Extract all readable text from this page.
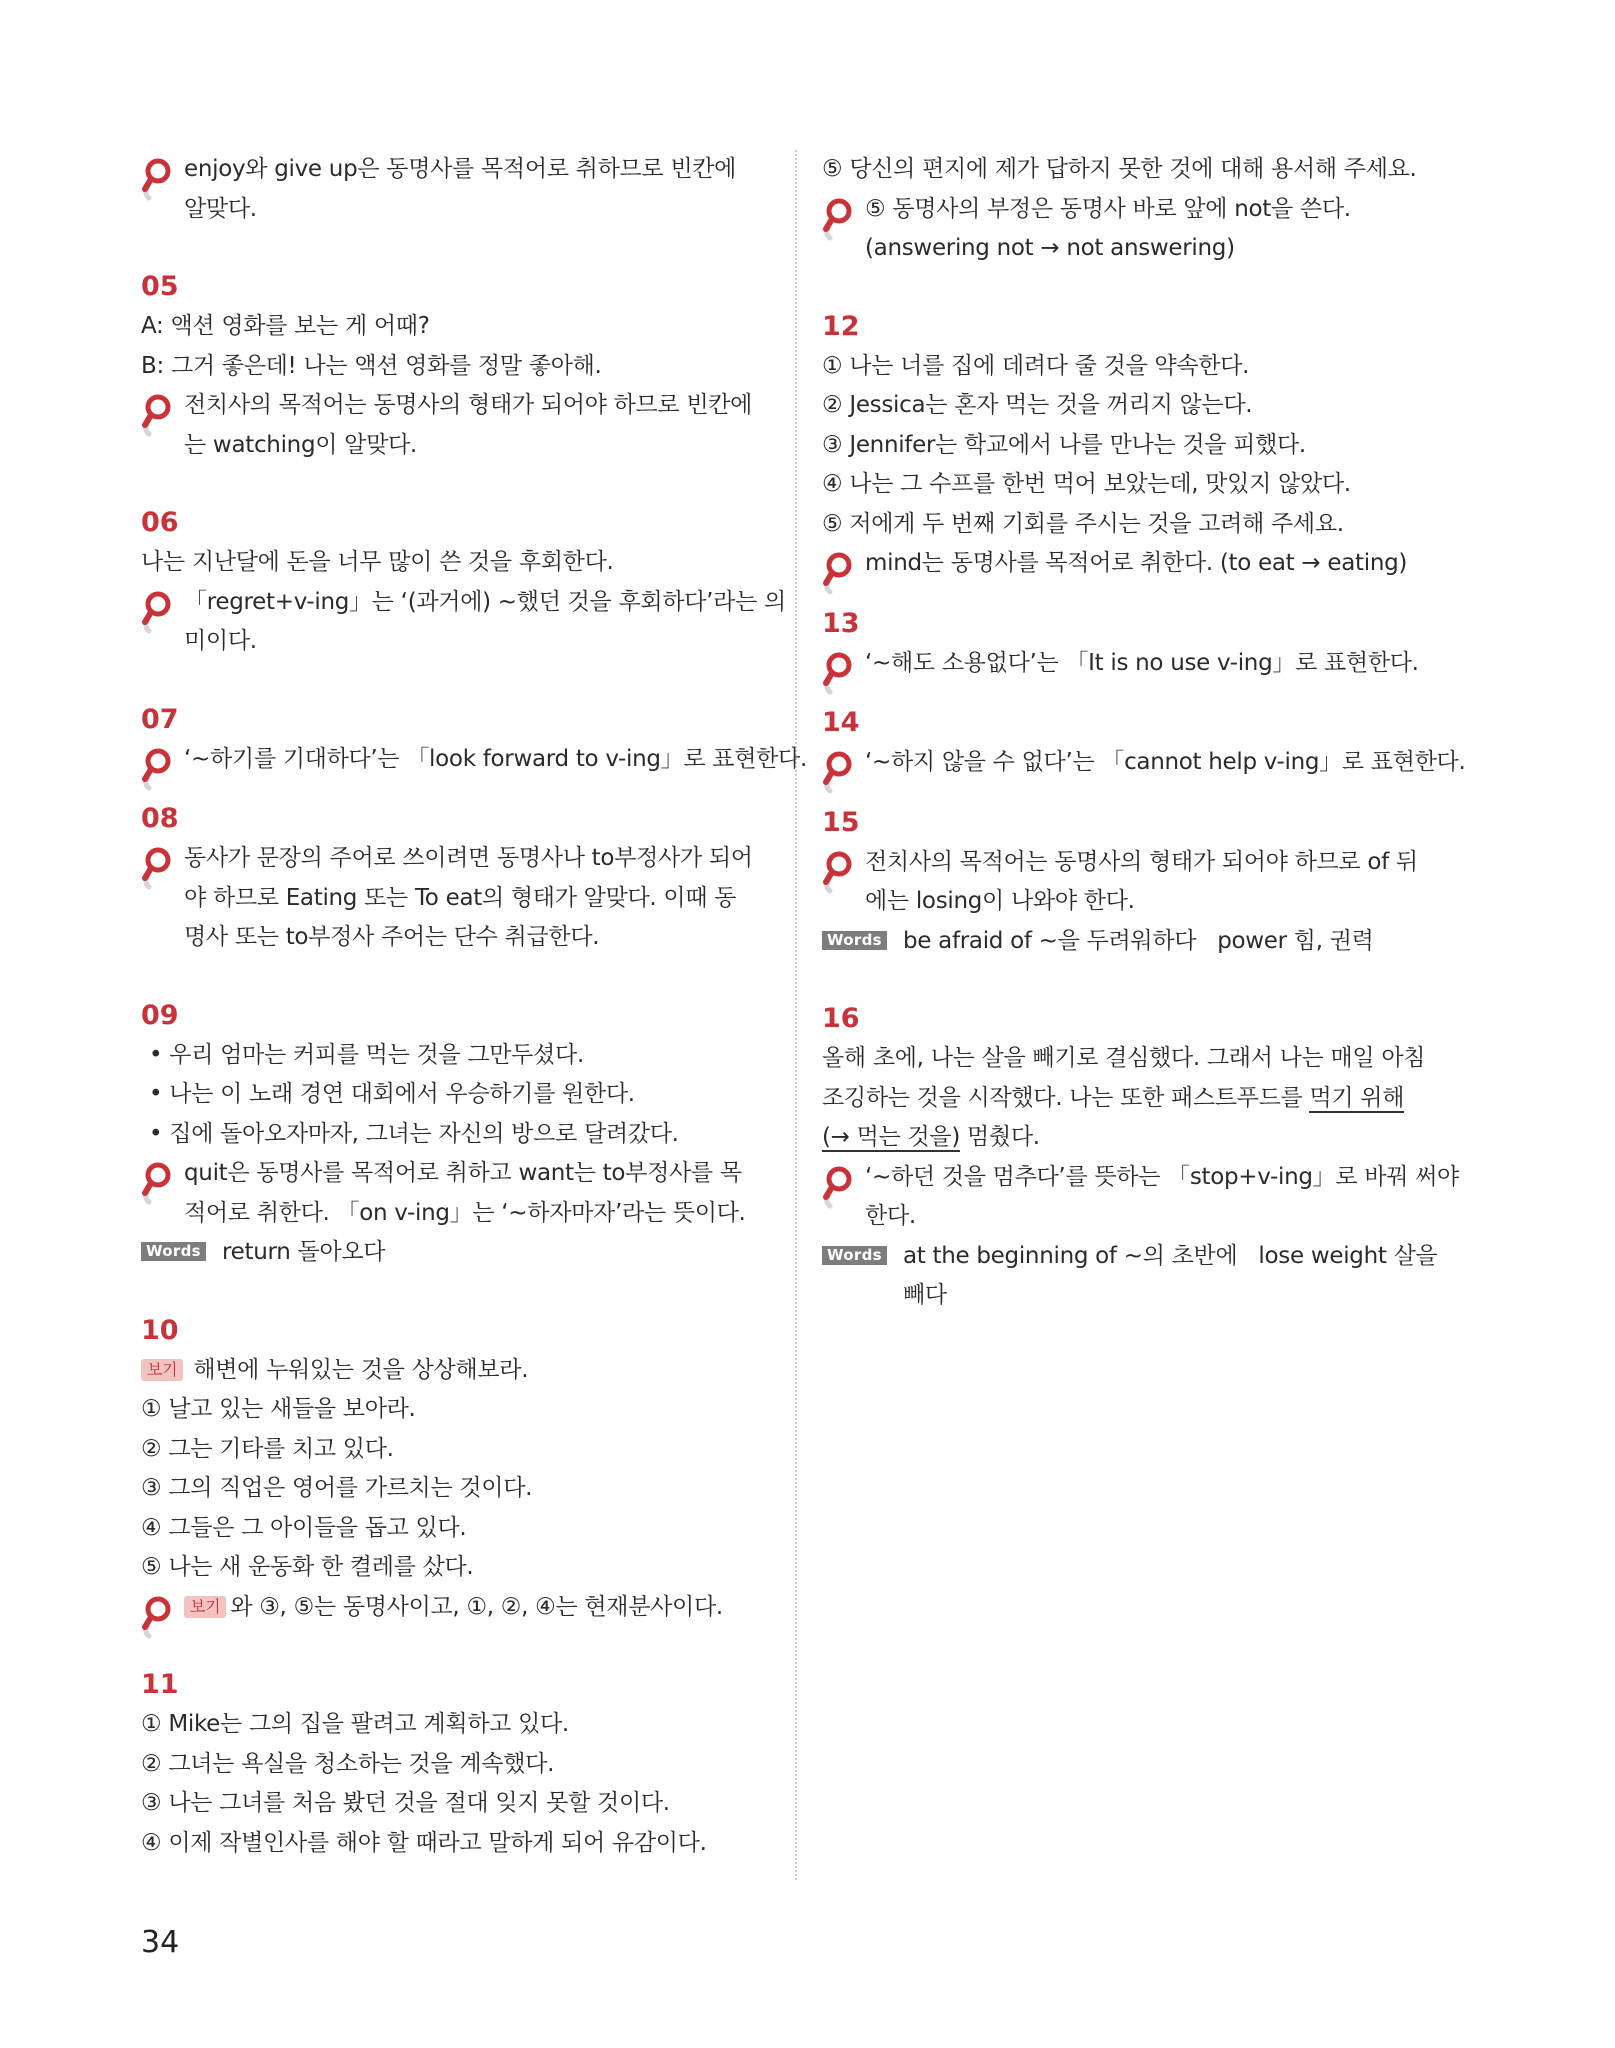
enjoy와 give up은 동명사를 목적어로 취하므로 빈칸에
알맞다.
05
A: 액션 영화를 보는 게 어때?
B: 그거 좋은데! 나는 액션 영화를 정말 좋아해.
전치사의 목적어는 동명사의 형태가 되어야 하므로 빈칸에
는 watching이 알맞다.
06
나는 지난달에 돈을 너무 많이 쓴 것을 후회한다.
「regret+v-ing」는 ‘(과거에) ~했던 것을 후회하다’라는 의
미이다.
07
‘~하기를 기대하다’는 「look forward to v-ing」로 표현한다.
08
동사가 문장의 주어로 쓰이려면 동명사나 to부정사가 되어
야 하므로 Eating 또는 To eat의 형태가 알맞다. 이때 동
명사 또는 to부정사 주어는 단수 취급한다.
09
• 우리 엄마는 커피를 먹는 것을 그만두셨다.
• 나는 이 노래 경연 대회에서 우승하기를 원한다.
• 집에 돌아오자마자, 그녀는 자신의 방으로 달려갔다.
quit은 동명사를 목적어로 취하고 want는 to부정사를 목
적어로 취한다. 「on v-ing」는 ‘~하자마자’라는 뜻이다.
Words return 돌아오다
10
보기 해변에 누워있는 것을 상상해보라.
① 날고 있는 새들을 보아라.
② 그는 기타를 치고 있다.
③ 그의 직업은 영어를 가르치는 것이다.
④ 그들은 그 아이들을 돕고 있다.
⑤ 나는 새 운동화 한 켤레를 샀다.
보기 와 ③, ⑤는 동명사이고, ①, ②, ④는 현재분사이다.
11
① Mike는 그의 집을 팔려고 계획하고 있다.
② 그녀는 욕실을 청소하는 것을 계속했다.
③ 나는 그녀를 처음 봤던 것을 절대 잊지 못할 것이다.
④ 이제 작별인사를 해야 할 때라고 말하게 되어 유감이다.
⑤ 당신의 편지에 제가 답하지 못한 것에 대해 용서해 주세요.
⑤ 동명사의 부정은 동명사 바로 앞에 not을 쓴다.
(answering not → not answering)
12
① 나는 너를 집에 데려다 줄 것을 약속한다.
② Jessica는 혼자 먹는 것을 꺼리지 않는다.
③ Jennifer는 학교에서 나를 만나는 것을 피했다.
④ 나는 그 수프를 한번 먹어 보았는데, 맛있지 않았다.
⑤ 저에게 두 번째 기회를 주시는 것을 고려해 주세요.
mind는 동명사를 목적어로 취한다. (to eat → eating)
13
‘~해도 소용없다’는 「It is no use v-ing」로 표현한다.
14
‘~하지 않을 수 없다’는 「cannot help v-ing」로 표현한다.
15
전치사의 목적어는 동명사의 형태가 되어야 하므로 of 뒤
에는 losing이 나와야 한다.
Words be afraid of ~을 두려워하다   power 힘, 권력
16
올해 초에, 나는 살을 빼기로 결심했다. 그래서 나는 매일 아침
조깅하는 것을 시작했다. 나는 또한 패스트푸드를 먹기 위해
(→ 먹는 것을) 멈췄다.
‘~하던 것을 멈추다’를 뜻하는 「stop+v-ing」로 바꿔 써야
한다.
Words at the beginning of ~의 초반에   lose weight 살을
빼다
34
